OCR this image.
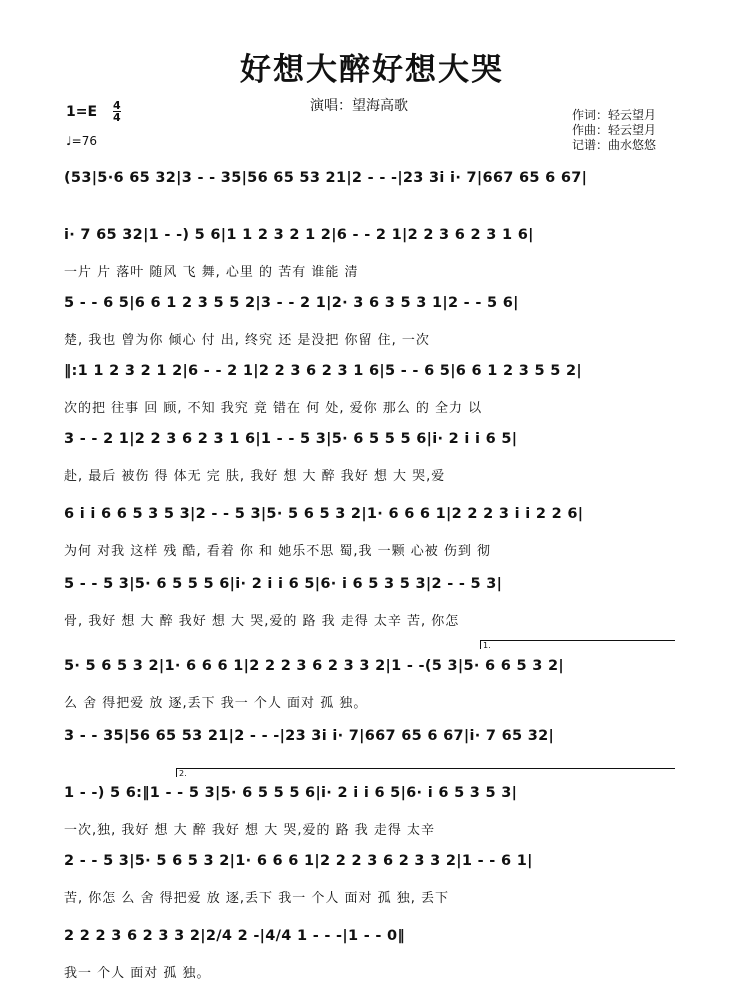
好想大醉好想大哭
演唱：望海高歌
1=E 4
4
♩=76
作词：轻云望月
作曲：轻云望月
记谱：曲水悠悠
(53|5·6 65 32|3 - - 35|56 65 53 21|2 - - -|23 3i i· 7|667 65 6 67|
i· 7 65 32|1 - -) 5 6|1 1 2 3 2 1 2|6 - - 2 1|2 2 3 6 2 3 1 6|
一片 片 落叶 随风 飞 舞, 心里 的 苦有 谁能 清
5 - - 6 5|6 6 1 2 3 5 5 2|3 - - 2 1|2· 3 6 3 5 3 1|2 - - 5 6|
楚, 我也 曾为你 倾心 付 出, 终究 还 是没把 你留 住, 一次
‖:1 1 2 3 2 1 2|6 - - 2 1|2 2 3 6 2 3 1 6|5 - - 6 5|6 6 1 2 3 5 5 2|
次的把 往事 回 顾, 不知 我究 竟 错在 何 处, 爱你 那么 的 全力 以
3 - - 2 1|2 2 3 6 2 3 1 6|1 - - 5 3|5· 6 5 5 5 6|i· 2 i i 6 5|
赴, 最后 被伤 得 体无 完 肤, 我好 想 大 醉 我好 想 大 哭,爱
6 i i 6 6 5 3 5 3|2 - - 5 3|5· 5 6 5 3 2|1· 6 6 6 1|2 2 2 3 i i 2 2 6|
为何 对我 这样 残 酷, 看着 你 和 她乐不思 蜀,我 一颗 心被 伤到 彻
5 - - 5 3|5· 6 5 5 5 6|i· 2 i i 6 5|6· i 6 5 3 5 3|2 - - 5 3|
骨, 我好 想 大 醉 我好 想 大 哭,爱的 路 我 走得 太辛 苦, 你怎
5· 5 6 5 3 2|1· 6 6 6 1|2 2 2 3 6 2 3 3 2|1 - -(5 3|5· 6 6 5 3 2|
么 舍 得把爱 放 逐,丢下 我一 个人 面对 孤 独。
1.
3 - - 35|56 65 53 21|2 - - -|23 3i i· 7|667 65 6 67|i· 7 65 32|
2.
1 - -) 5 6:‖1 - - 5 3|5· 6 5 5 5 6|i· 2 i i 6 5|6· i 6 5 3 5 3|
一次,独, 我好 想 大 醉 我好 想 大 哭,爱的 路 我 走得 太辛
2 - - 5 3|5· 5 6 5 3 2|1· 6 6 6 1|2 2 2 3 6 2 3 3 2|1 - - 6 1|
苦, 你怎 么 舍 得把爱 放 逐,丢下 我一 个人 面对 孤 独, 丢下
2 2 2 3 6 2 3 3 2|2/4 2 -|4/4 1 - - -|1 - - 0‖
我一 个人 面对 孤 独。
